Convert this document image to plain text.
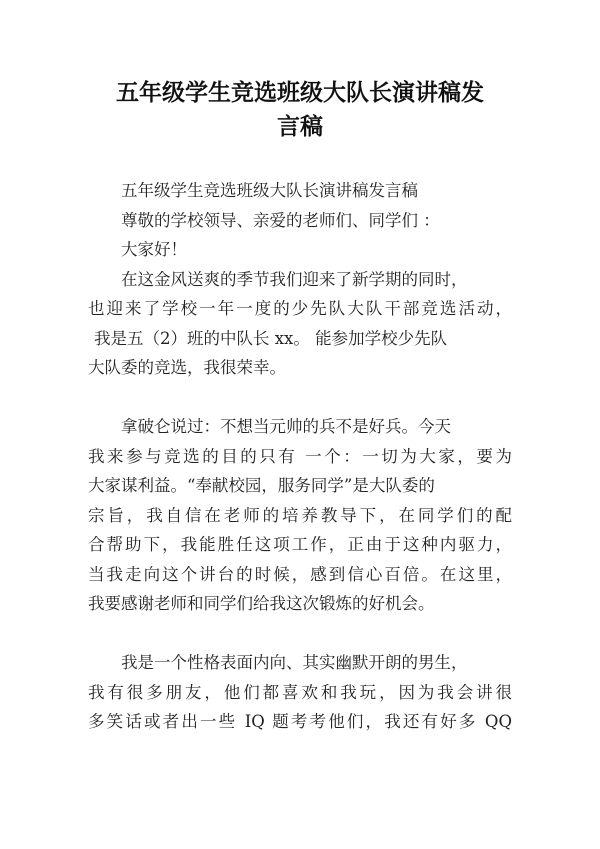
五年级学生竞选班级大队长演讲稿发
言稿
五年级学生竞选班级大队长演讲稿发言稿
尊敬的学校领导、亲爱的老师们、同学们 ：
大家好！
在这金风送爽的季节我们迎来了新学期的同时，
也迎来了学校一年一度的少先队大队干部竞选活动，
我是五（2）班的中队长 xx。 能参加学校少先队
大队委的竞选，我很荣幸。
拿破仑说过：不想当元帅的兵不是好兵。今天
我来参与竞选的目的只有 一个：一切为大家，要为
大家谋利益。“奉献校园，服务同学”是大队委的
宗旨，我自信在老师的培养教导下，在同学们的配
合帮助下，我能胜任这项工作，正由于这种内驱力，
当我走向这个讲台的时候，感到信心百倍。在这里，
我要感谢老师和同学们给我这次锻炼的好机会。
我是一个性格表面内向、其实幽默开朗的男生，
我有很多朋友，他们都喜欢和我玩，因为我会讲很
多笑话或者出一些 IQ 题考考他们，我还有好多 QQ
